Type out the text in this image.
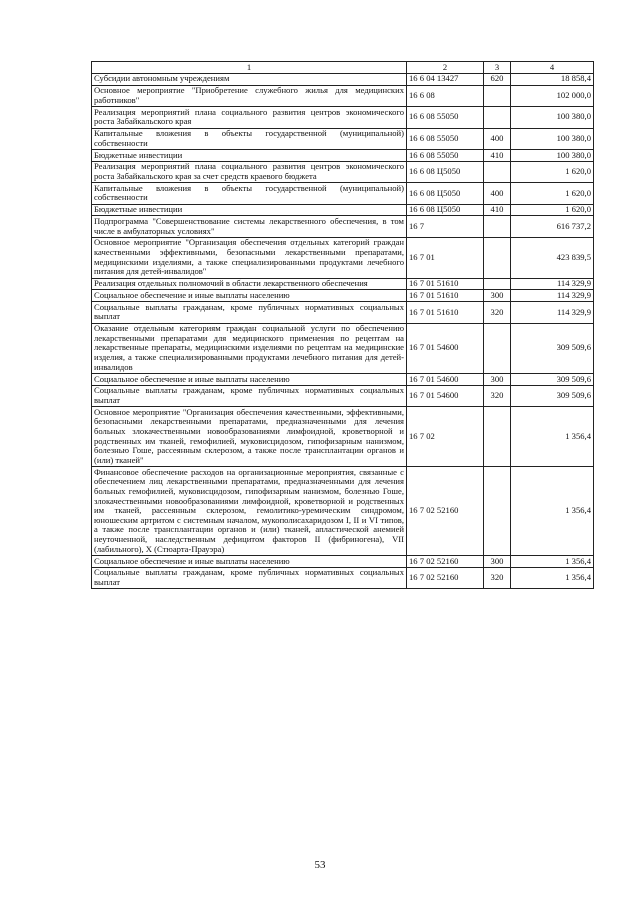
1	2	3	4
Субсидии автономным учреждениям	16 6 04 13427	620	18 858,4
Основное мероприятие "Приобретение служебного жилья для медицинских работников"	16 6 08		102 000,0
Реализация мероприятий плана социального развития центров экономического роста Забайкальского края	16 6 08 55050		100 380,0
Капитальные вложения в объекты государственной (муниципальной) собственности	16 6 08 55050	400	100 380,0
Бюджетные инвестиции	16 6 08 55050	410	100 380,0
Реализация мероприятий плана социального развития центров экономического роста Забайкальского края за счет средств краевого бюджета	16 6 08 Ц5050		1 620,0
Капитальные вложения в объекты государственной (муниципальной) собственности	16 6 08 Ц5050	400	1 620,0
Бюджетные инвестиции	16 6 08 Ц5050	410	1 620,0
Подпрограмма "Совершенствование системы лекарственного обеспечения, в том числе в амбулаторных условиях"	16 7		616 737,2
Основное мероприятие "Организация обеспечения отдельных категорий граждан качественными эффективными, безопасными лекарственными препаратами, медицинскими изделиями, а также специализированными продуктами лечебного питания для детей-инвалидов"	16 7 01		423 839,5
Реализация отдельных полномочий в области лекарственного обеспечения	16 7 01 51610		114 329,9
Социальное обеспечение и иные выплаты населению	16 7 01 51610	300	114 329,9
Социальные выплаты гражданам, кроме публичных нормативных социальных выплат	16 7 01 51610	320	114 329,9
Оказание отдельным категориям граждан социальной услуги по обеспечению лекарственными препаратами для медицинского применения по рецептам на лекарственные препараты, медицинскими изделиями по рецептам на медицинские изделия, а также специализированными продуктами лечебного питания для детей-инвалидов	16 7 01 54600		309 509,6
Социальное обеспечение и иные выплаты населению	16 7 01 54600	300	309 509,6
Социальные выплаты гражданам, кроме публичных нормативных социальных выплат	16 7 01 54600	320	309 509,6
Основное мероприятие "Организация обеспечения качественными, эффективными, безопасными лекарственными препаратами, предназначенными для лечения больных злокачественными новообразованиями лимфоидной, кроветворной и родственных им тканей, гемофилией, муковисцидозом, гипофизарным нанизмом, болезнью Гоше, рассеянным склерозом, а также после трансплантации органов и (или) тканей"	16 7 02		1 356,4
Финансовое обеспечение расходов на организационные мероприятия, связанные с обеспечением лиц лекарственными препаратами, предназначенными для лечения больных гемофилией, муковисцидозом, гипофизарным нанизмом, болезнью Гоше, злокачественными новообразованиями лимфоидной, кроветворной и родственных им тканей, рассеянным склерозом, гемолитико-уремическим синдромом, юношеским артритом с системным началом, мукополисахаридозом I, II и VI типов, а также после трансплантации органов и (или) тканей, апластической анемией неуточненной, наследственным дефицитом факторов II (фибриногена), VII (лабильного), X (Стюарта-Прауэра)	16 7 02 52160		1 356,4
Социальное обеспечение и иные выплаты населению	16 7 02 52160	300	1 356,4
Социальные выплаты гражданам, кроме публичных нормативных социальных выплат	16 7 02 52160	320	1 356,4
53
